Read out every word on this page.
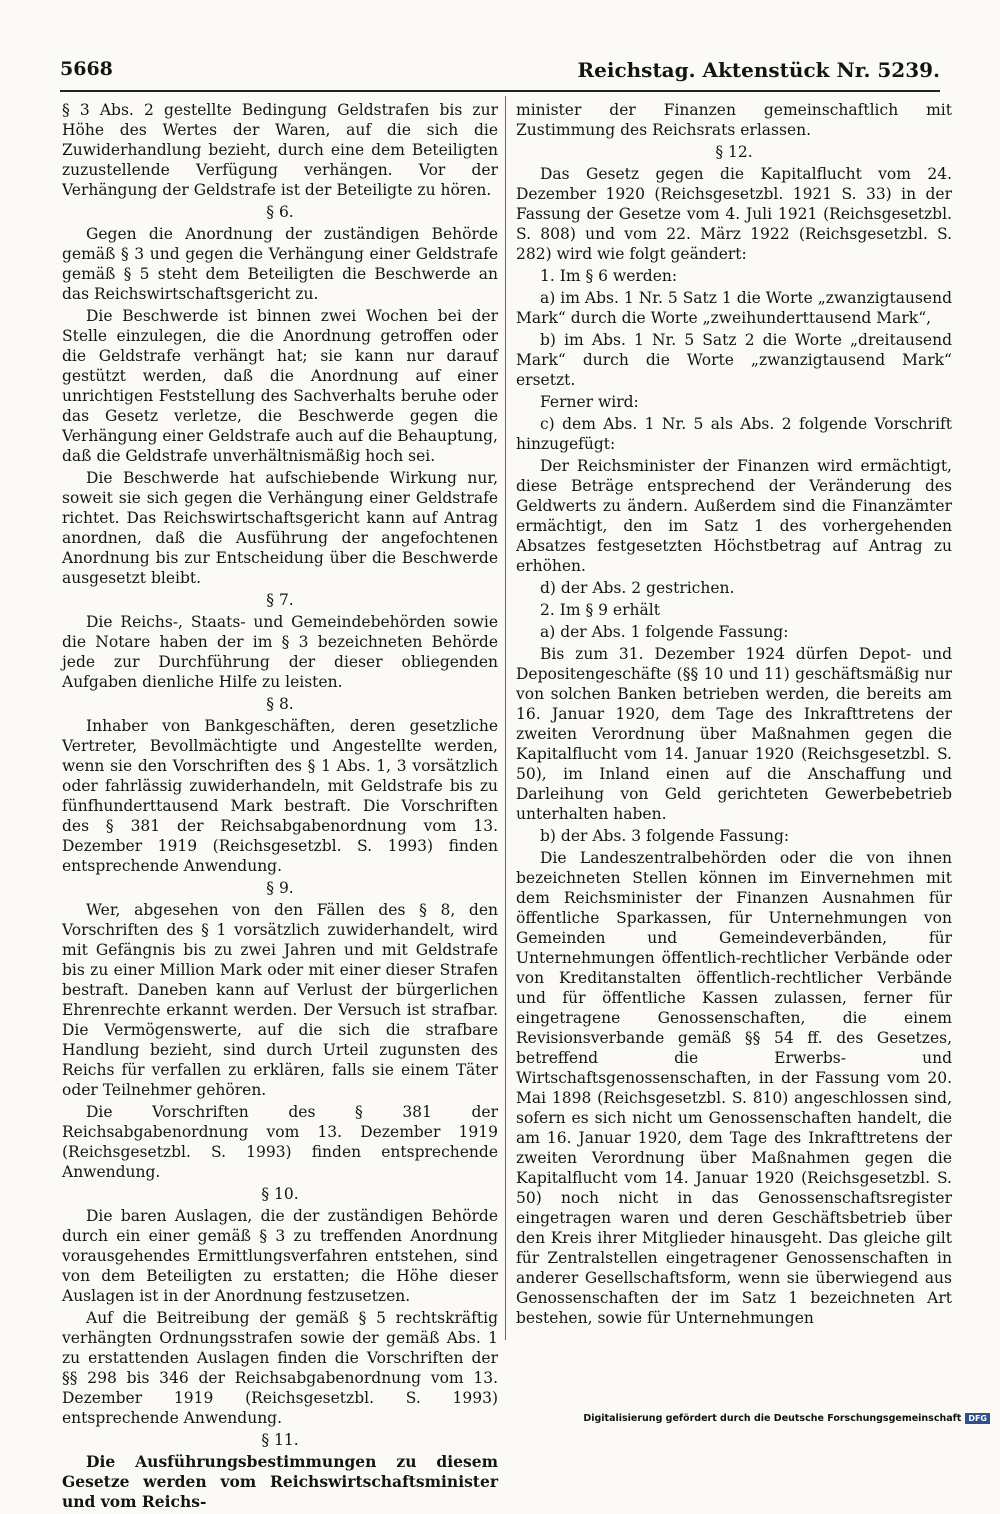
5668	Reichstag. Aktenstück Nr. 5239.

§ 3 Abs. 2 gestellte Bedingung Geldstrafen bis zur Höhe des Wertes der Waren, auf die sich die Zuwiderhandlung bezieht, durch eine dem Beteiligten zuzustellende Verfügung verhängen. Vor der Verhängung der Geldstrafe ist der Beteiligte zu hören.

§ 6.

Gegen die Anordnung der zuständigen Behörde gemäß § 3 und gegen die Verhängung einer Geldstrafe gemäß § 5 steht dem Beteiligten die Beschwerde an das Reichswirtschaftsgericht zu.

Die Beschwerde ist binnen zwei Wochen bei der Stelle einzulegen, die die Anordnung getroffen oder die Geldstrafe verhängt hat; sie kann nur darauf gestützt werden, daß die Anordnung auf einer unrichtigen Feststellung des Sachverhalts beruhe oder das Gesetz verletze, die Beschwerde gegen die Verhängung einer Geldstrafe auch auf die Behauptung, daß die Geldstrafe unverhältnismäßig hoch sei.

Die Beschwerde hat aufschiebende Wirkung nur, soweit sie sich gegen die Verhängung einer Geldstrafe richtet. Das Reichswirtschaftsgericht kann auf Antrag anordnen, daß die Ausführung der angefochtenen Anordnung bis zur Entscheidung über die Beschwerde ausgesetzt bleibt.

§ 7.

Die Reichs-, Staats- und Gemeindebehörden sowie die Notare haben der im § 3 bezeichneten Behörde jede zur Durchführung der dieser obliegenden Aufgaben dienliche Hilfe zu leisten.

§ 8.

Inhaber von Bankgeschäften, deren gesetzliche Vertreter, Bevollmächtigte und Angestellte werden, wenn sie den Vorschriften des § 1 Abs. 1, 3 vorsätzlich oder fahrlässig zuwiderhandeln, mit Geldstrafe bis zu fünfhunderttausend Mark bestraft. Die Vorschriften des § 381 der Reichsabgabenordnung vom 13. Dezember 1919 (Reichsgesetzbl. S. 1993) finden entsprechende Anwendung.

§ 9.

Wer, abgesehen von den Fällen des § 8, den Vorschriften des § 1 vorsätzlich zuwiderhandelt, wird mit Gefängnis bis zu zwei Jahren und mit Geldstrafe bis zu einer Million Mark oder mit einer dieser Strafen bestraft. Daneben kann auf Verlust der bürgerlichen Ehrenrechte erkannt werden. Der Versuch ist strafbar. Die Vermögenswerte, auf die sich die strafbare Handlung bezieht, sind durch Urteil zugunsten des Reichs für verfallen zu erklären, falls sie einem Täter oder Teilnehmer gehören.

Die Vorschriften des § 381 der Reichsabgabenordnung vom 13. Dezember 1919 (Reichsgesetzbl. S. 1993) finden entsprechende Anwendung.

§ 10.

Die baren Auslagen, die der zuständigen Behörde durch ein einer gemäß § 3 zu treffenden Anordnung vorausgehendes Ermittlungsverfahren entstehen, sind von dem Beteiligten zu erstatten; die Höhe dieser Auslagen ist in der Anordnung festzusetzen.

Auf die Beitreibung der gemäß § 5 rechtskräftig verhängten Ordnungsstrafen sowie der gemäß Abs. 1 zu erstattenden Auslagen finden die Vorschriften der §§ 298 bis 346 der Reichsabgabenordnung vom 13. Dezember 1919 (Reichsgesetzbl. S. 1993) entsprechende Anwendung.

§ 11.

Die Ausführungsbestimmungen zu diesem Gesetze werden vom Reichswirtschaftsminister und vom Reichs-

minister der Finanzen gemeinschaftlich mit Zustimmung des Reichsrats erlassen.

§ 12.

Das Gesetz gegen die Kapitalflucht vom 24. Dezember 1920 (Reichsgesetzbl. 1921 S. 33) in der Fassung der Gesetze vom 4. Juli 1921 (Reichsgesetzbl. S. 808) und vom 22. März 1922 (Reichsgesetzbl. S. 282) wird wie folgt geändert:

1. Im § 6 werden:

a) im Abs. 1 Nr. 5 Satz 1 die Worte „zwanzigtausend Mark“ durch die Worte „zweihunderttausend Mark“,

b) im Abs. 1 Nr. 5 Satz 2 die Worte „dreitausend Mark“ durch die Worte „zwanzigtausend Mark“ ersetzt.

Ferner wird:

c) dem Abs. 1 Nr. 5 als Abs. 2 folgende Vorschrift hinzugefügt:

Der Reichsminister der Finanzen wird ermächtigt, diese Beträge entsprechend der Veränderung des Geldwerts zu ändern. Außerdem sind die Finanzämter ermächtigt, den im Satz 1 des vorhergehenden Absatzes festgesetzten Höchstbetrag auf Antrag zu erhöhen.

d) der Abs. 2 gestrichen.

2. Im § 9 erhält

a) der Abs. 1 folgende Fassung:

Bis zum 31. Dezember 1924 dürfen Depot- und Depositengeschäfte (§§ 10 und 11) geschäftsmäßig nur von solchen Banken betrieben werden, die bereits am 16. Januar 1920, dem Tage des Inkrafttretens der zweiten Verordnung über Maßnahmen gegen die Kapitalflucht vom 14. Januar 1920 (Reichsgesetzbl. S. 50), im Inland einen auf die Anschaffung und Darleihung von Geld gerichteten Gewerbebetrieb unterhalten haben.

b) der Abs. 3 folgende Fassung:

Die Landeszentralbehörden oder die von ihnen bezeichneten Stellen können im Einvernehmen mit dem Reichsminister der Finanzen Ausnahmen für öffentliche Sparkassen, für Unternehmungen von Gemeinden und Gemeindeverbänden, für Unternehmungen öffentlich-rechtlicher Verbände oder von Kreditanstalten öffentlich-rechtlicher Verbände und für öffentliche Kassen zulassen, ferner für eingetragene Genossenschaften, die einem Revisionsverbande gemäß §§ 54 ff. des Gesetzes, betreffend die Erwerbs- und Wirtschaftsgenossenschaften, in der Fassung vom 20. Mai 1898 (Reichsgesetzbl. S. 810) angeschlossen sind, sofern es sich nicht um Genossenschaften handelt, die am 16. Januar 1920, dem Tage des Inkrafttretens der zweiten Verordnung über Maßnahmen gegen die Kapitalflucht vom 14. Januar 1920 (Reichsgesetzbl. S. 50) noch nicht in das Genossenschaftsregister eingetragen waren und deren Geschäftsbetrieb über den Kreis ihrer Mitglieder hinausgeht. Das gleiche gilt für Zentralstellen eingetragener Genossenschaften in anderer Gesellschaftsform, wenn sie überwiegend aus Genossenschaften der im Satz 1 bezeichneten Art bestehen, sowie für Unternehmungen

Digitalisierung gefördert durch die Deutsche Forschungsgemeinschaft DFG
